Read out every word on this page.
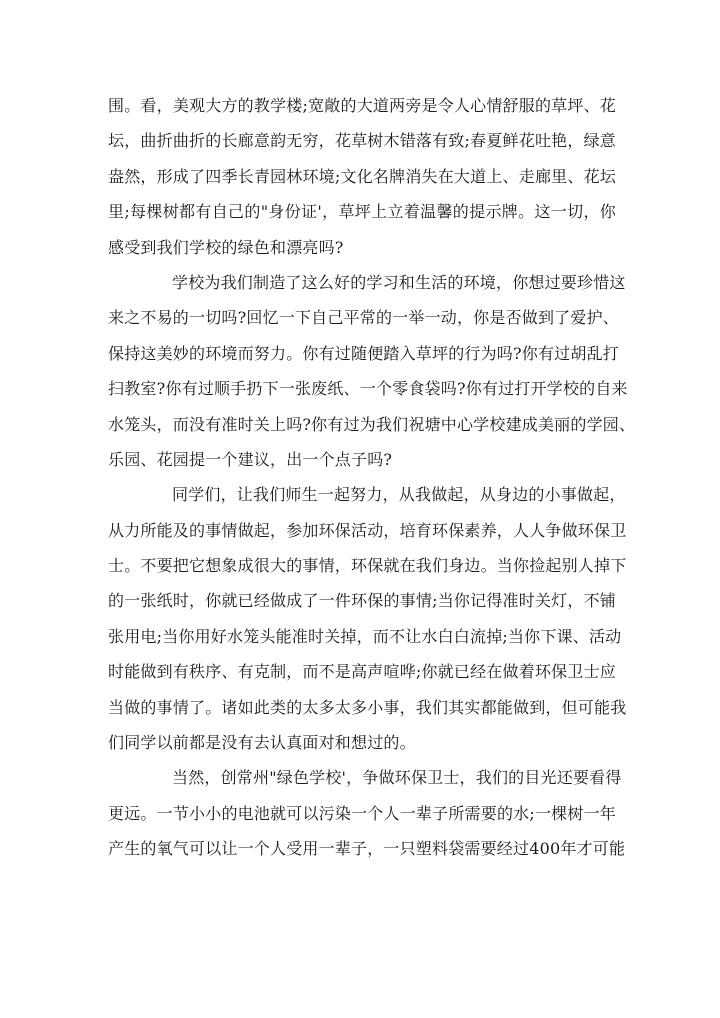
围。看，美观大方的教学楼;宽敞的大道两旁是令人心情舒服的草坪、花
坛，曲折曲折的长廊意韵无穷，花草树木错落有致;春夏鲜花吐艳，绿意
盎然，形成了四季长青园林环境;文化名牌消失在大道上、走廊里、花坛
里;每棵树都有自己的"身份证'，草坪上立着温馨的提示牌。这一切，你
感受到我们学校的绿色和漂亮吗?
学校为我们制造了这么好的学习和生活的环境，你想过要珍惜这
来之不易的一切吗?回忆一下自己平常的一举一动，你是否做到了爱护、
保持这美妙的环境而努力。你有过随便踏入草坪的行为吗?你有过胡乱打
扫教室?你有过顺手扔下一张废纸、一个零食袋吗?你有过打开学校的自来
水笼头，而没有准时关上吗?你有过为我们祝塘中心学校建成美丽的学园、
乐园、花园提一个建议，出一个点子吗?
同学们，让我们师生一起努力，从我做起，从身边的小事做起，
从力所能及的事情做起，参加环保活动，培育环保素养，人人争做环保卫
士。不要把它想象成很大的事情，环保就在我们身边。当你捡起别人掉下
的一张纸时，你就已经做成了一件环保的事情;当你记得准时关灯，不铺
张用电;当你用好水笼头能准时关掉，而不让水白白流掉;当你下课、活动
时能做到有秩序、有克制，而不是高声喧哗;你就已经在做着环保卫士应
当做的事情了。诸如此类的太多太多小事，我们其实都能做到，但可能我
们同学以前都是没有去认真面对和想过的。
当然，创常州"绿色学校'，争做环保卫士，我们的目光还要看得
更远。一节小小的电池就可以污染一个人一辈子所需要的水;一棵树一年
产生的氧气可以让一个人受用一辈子，一只塑料袋需要经过400年才可能
